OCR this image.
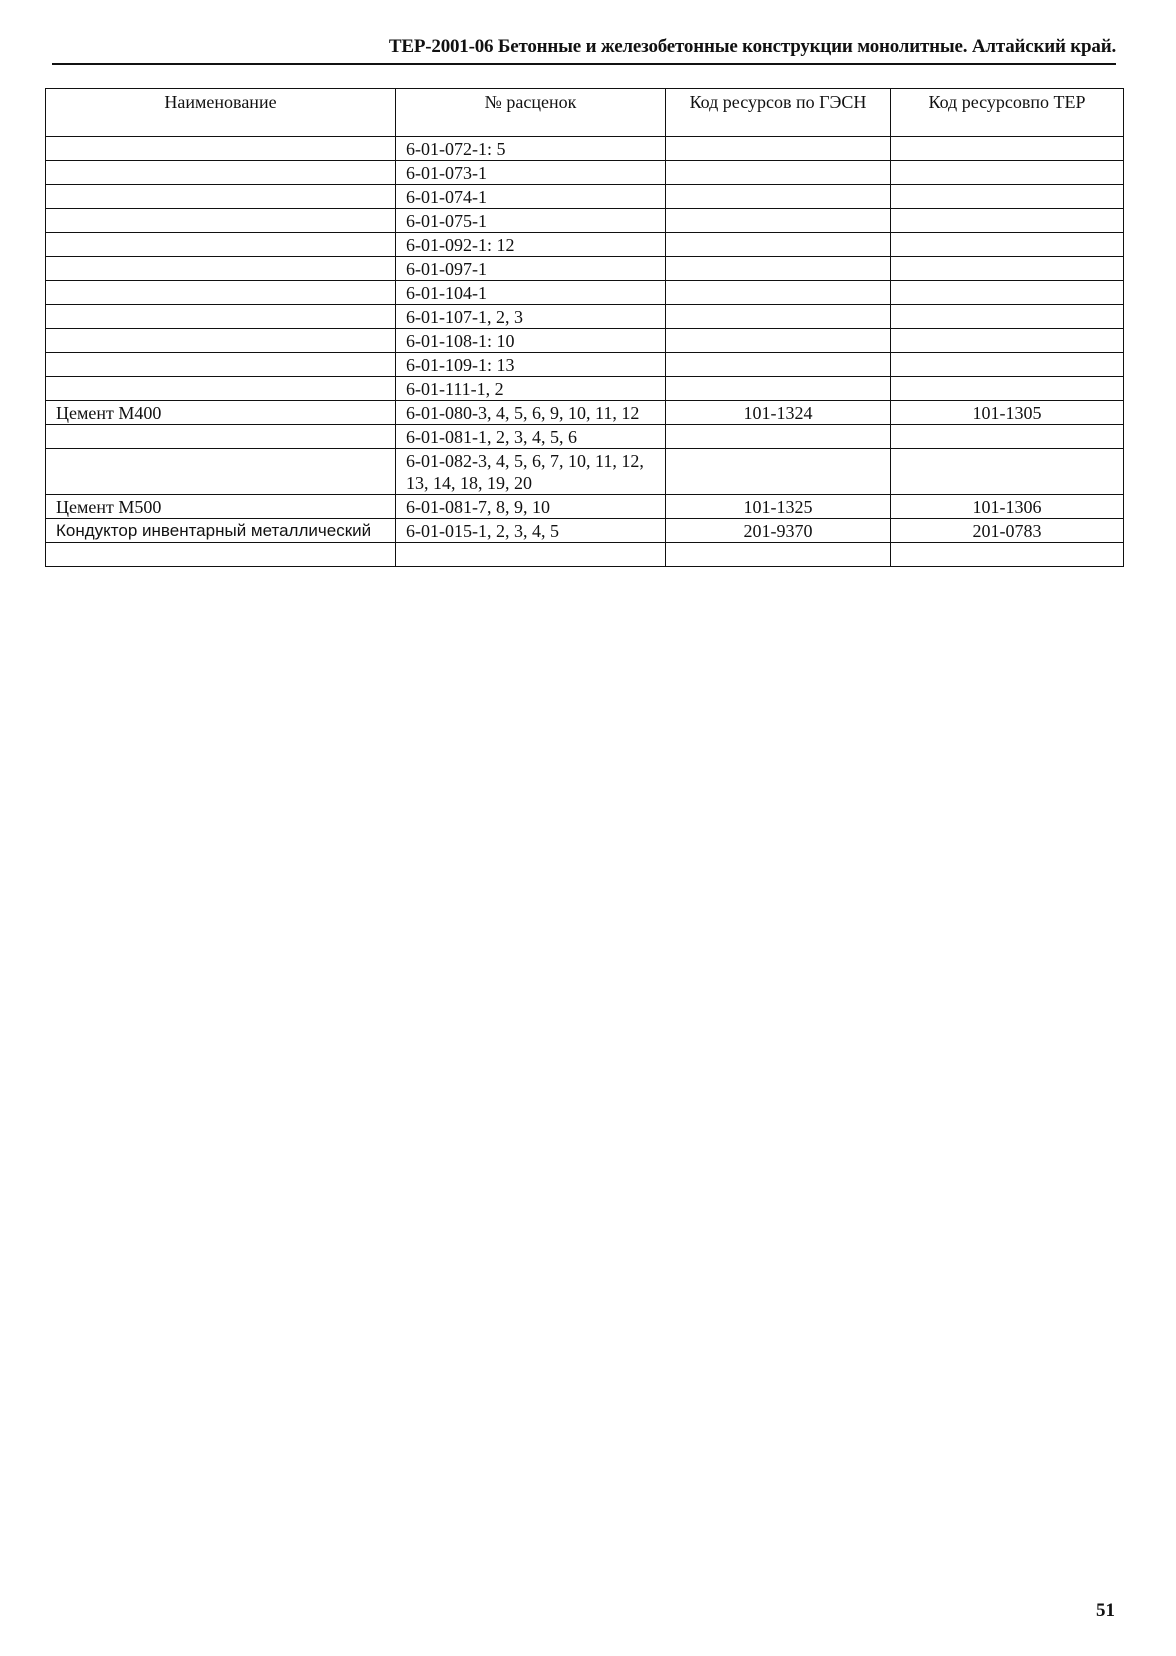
ТЕР-2001-06 Бетонные и железобетонные конструкции монолитные. Алтайский край.
Наименование	№ расценок	Код ресурсов по ГЭСН	Код ресурсовпо ТЕР
	6-01-072-1: 5		
	6-01-073-1		
	6-01-074-1		
	6-01-075-1		
	6-01-092-1: 12		
	6-01-097-1		
	6-01-104-1		
	6-01-107-1, 2, 3		
	6-01-108-1: 10		
	6-01-109-1: 13		
	6-01-111-1, 2		
Цемент М400	6-01-080-3, 4, 5, 6, 9, 10, 11, 12	101-1324	101-1305
	6-01-081-1, 2, 3, 4, 5, 6		
	6-01-082-3, 4, 5, 6, 7, 10, 11, 12, 13, 14, 18, 19, 20		
Цемент М500	6-01-081-7, 8, 9, 10	101-1325	101-1306
Кондуктор инвентарный металлический	6-01-015-1, 2, 3, 4, 5	201-9370	201-0783

51
